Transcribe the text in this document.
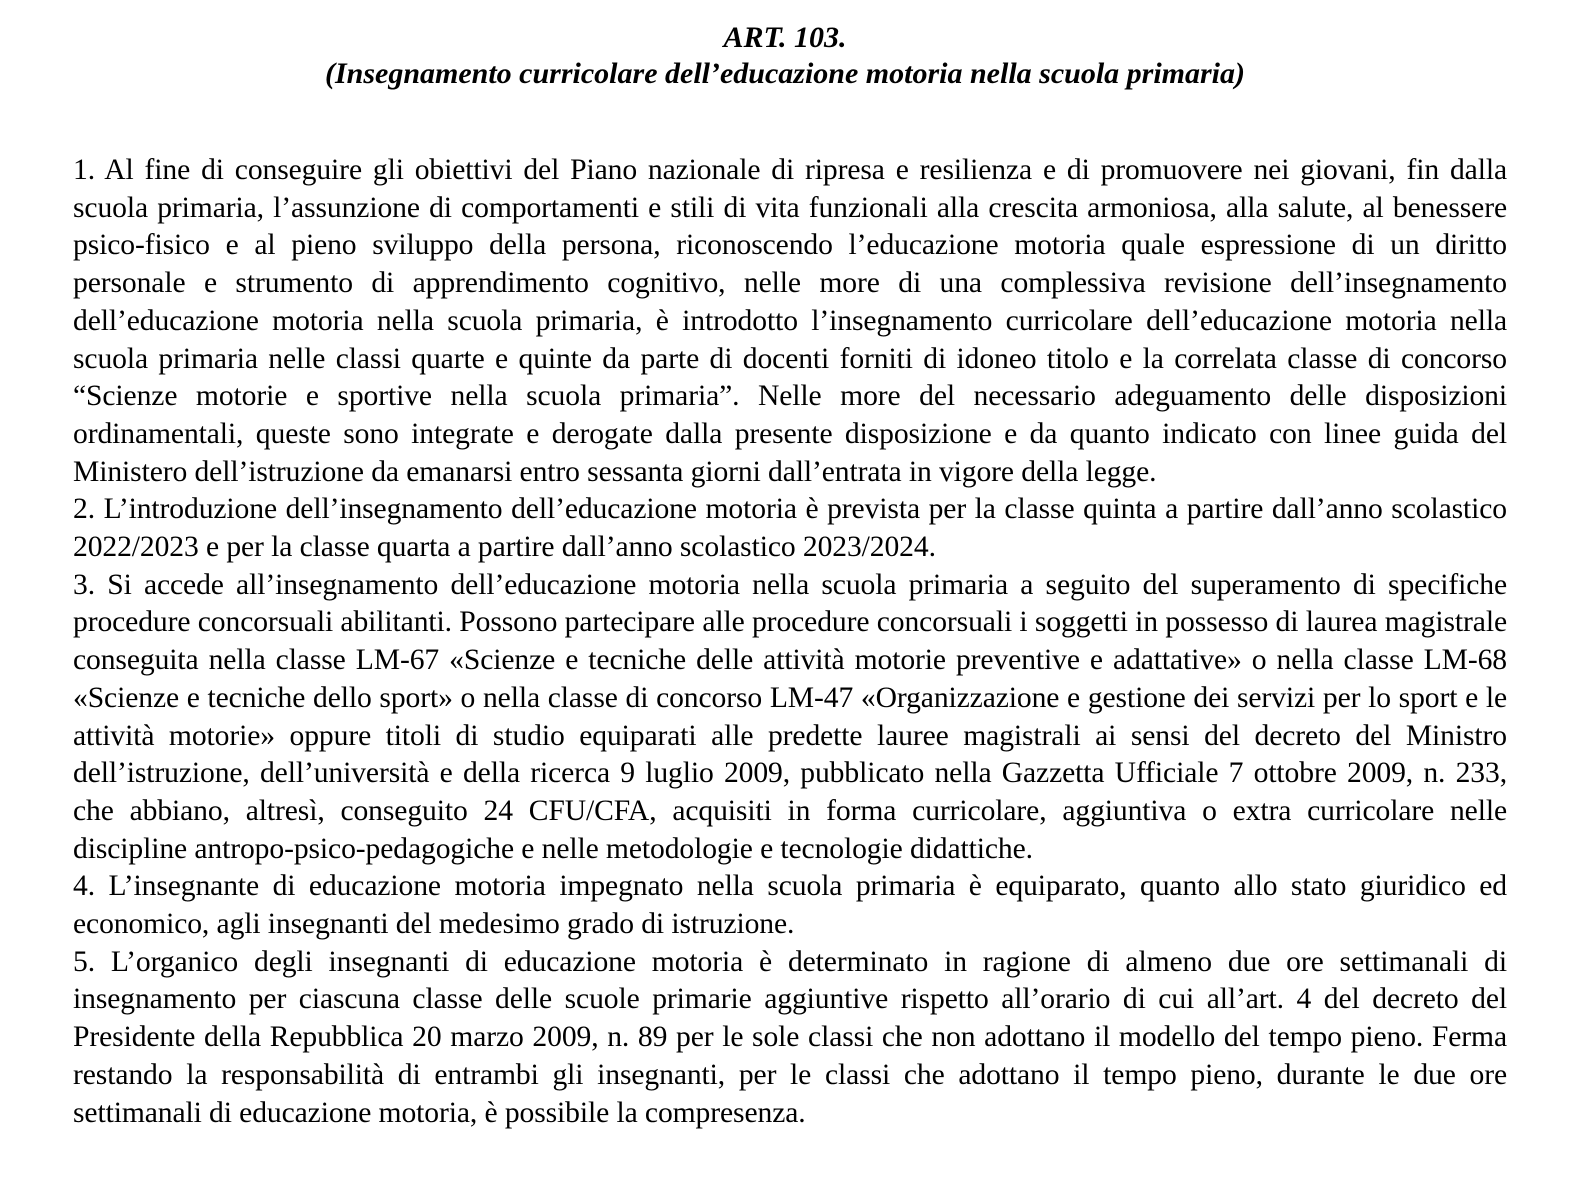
ART. 103.
(Insegnamento curricolare dell’educazione motoria nella scuola primaria)

1. Al fine di conseguire gli obiettivi del Piano nazionale di ripresa e resilienza e di promuovere nei giovani, fin dalla scuola primaria, l’assunzione di comportamenti e stili di vita funzionali alla crescita armoniosa, alla salute, al benessere psico-fisico e al pieno sviluppo della persona, riconoscendo l’educazione motoria quale espressione di un diritto personale e strumento di apprendimento cognitivo, nelle more di una complessiva revisione dell’insegnamento dell’educazione motoria nella scuola primaria, è introdotto l’insegnamento curricolare dell’educazione motoria nella scuola primaria nelle classi quarte e quinte da parte di docenti forniti di idoneo titolo e la correlata classe di concorso “Scienze motorie e sportive nella scuola primaria”. Nelle more del necessario adeguamento delle disposizioni ordinamentali, queste sono integrate e derogate dalla presente disposizione e da quanto indicato con linee guida del Ministero dell’istruzione da emanarsi entro sessanta giorni dall’entrata in vigore della legge.

2. L’introduzione dell’insegnamento dell’educazione motoria è prevista per la classe quinta a partire dall’anno scolastico 2022/2023 e per la classe quarta a partire dall’anno scolastico 2023/2024.

3. Si accede all’insegnamento dell’educazione motoria nella scuola primaria a seguito del superamento di specifiche procedure concorsuali abilitanti. Possono partecipare alle procedure concorsuali i soggetti in possesso di laurea magistrale conseguita nella classe LM-67 «Scienze e tecniche delle attività motorie preventive e adattative» o nella classe LM-68 «Scienze e tecniche dello sport» o nella classe di concorso LM-47 «Organizzazione e gestione dei servizi per lo sport e le attività motorie» oppure titoli di studio equiparati alle predette lauree magistrali ai sensi del decreto del Ministro dell’istruzione, dell’università e della ricerca 9 luglio 2009, pubblicato nella Gazzetta Ufficiale 7 ottobre 2009, n. 233, che abbiano, altresì, conseguito 24 CFU/CFA, acquisiti in forma curricolare, aggiuntiva o extra curricolare nelle discipline antropo-psico-pedagogiche e nelle metodologie e tecnologie didattiche.

4. L’insegnante di educazione motoria impegnato nella scuola primaria è equiparato, quanto allo stato giuridico ed economico, agli insegnanti del medesimo grado di istruzione.

5. L’organico degli insegnanti di educazione motoria è determinato in ragione di almeno due ore settimanali di insegnamento per ciascuna classe delle scuole primarie aggiuntive rispetto all’orario di cui all’art. 4 del decreto del Presidente della Repubblica 20 marzo 2009, n. 89 per le sole classi che non adottano il modello del tempo pieno. Ferma restando la responsabilità di entrambi gli insegnanti, per le classi che adottano il tempo pieno, durante le due ore settimanali di educazione motoria, è possibile la compresenza.
